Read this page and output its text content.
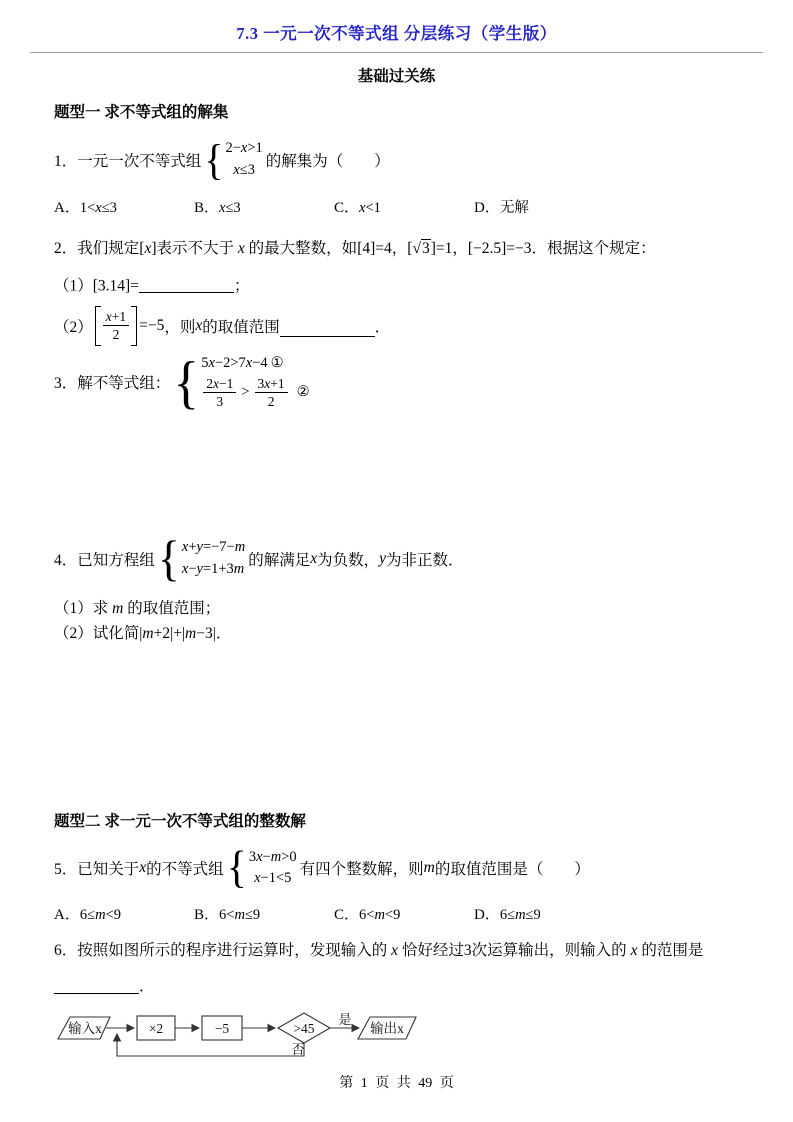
7.3 一元一次不等式组 分层练习（学生版）
基础过关练
题型一 求不等式组的解集
1． 一元一次不等式组 { 2−x>1
x≤3 的解集为（　　）
A．1<x≤3	B．x≤3	C．x<1	D．无解
2．我们规定[x]表示不大于 x 的最大整数，如[4]=4，[√3]=1，[−2.5]=−3．根据这个规定：
（1）[3.14]=	；
$(2) \frac{x+1}{2} =-5$ ，则 x 的取值范围	．
3． 解不等式组： { 5x−2>7x−4 ①
$\frac{2x-1}{3} > \frac{3x+1}{2}$ ②
4． 已知方程组 { x+y=−7−m
x−y=1+3m 的解满足 x 为负数， y 为非正数．
（1）求 m 的取值范围；
（2）试化简|m+2|+|m−3|．
题型二 求一元一次不等式组的整数解
5． 已知关于 x 的不等式组 { 3x−m>0
x−1<5 有四个整数解，则 m 的取值范围是（　　）
A．6≤m<9	B．6<m≤9	C．6<m<9	D．6≤m≤9
6．按照如图所示的程序进行运算时，发现输入的 x 恰好经过3次运算输出，则输入的 x 的范围是
．
输入x	×2	−5	>45
是
否
输出x
第 1 页 共 49 页
